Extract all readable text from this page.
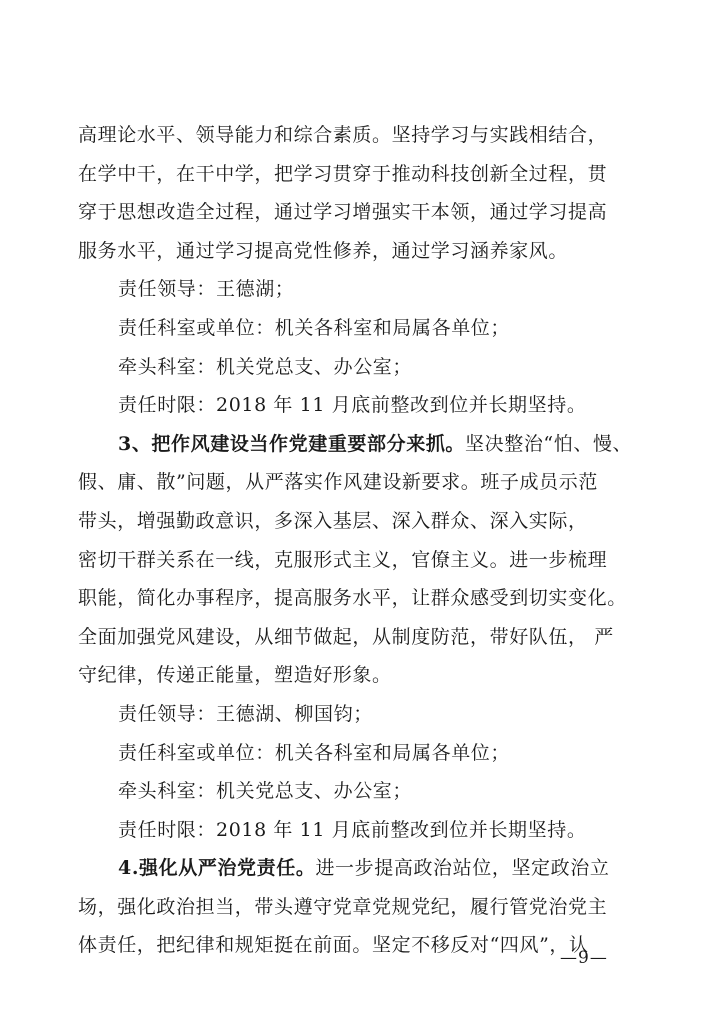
高理论水平、领导能力和综合素质。坚持学习与实践相结合，
在学中干，在干中学，把学习贯穿于推动科技创新全过程，贯
穿于思想改造全过程，通过学习增强实干本领，通过学习提高
服务水平，通过学习提高党性修养，通过学习涵养家风。
责任领导：王德湖；
责任科室或单位：机关各科室和局属各单位；
牵头科室：机关党总支、办公室；
责任时限：2018 年 11 月底前整改到位并长期坚持。
3、把作风建设当作党建重要部分来抓。坚决整治“怕、慢、
假、庸、散”问题，从严落实作风建设新要求。班子成员示范
带头，增强勤政意识，多深入基层、深入群众、深入实际，
密切干群关系在一线，克服形式主义，官僚主义。进一步梳理
职能，简化办事程序，提高服务水平，让群众感受到切实变化。
全面加强党风建设，从细节做起，从制度防范，带好队伍， 严
守纪律，传递正能量，塑造好形象。
责任领导：王德湖、柳国钧；
责任科室或单位：机关各科室和局属各单位；
牵头科室：机关党总支、办公室；
责任时限：2018 年 11 月底前整改到位并长期坚持。
4.强化从严治党责任。进一步提高政治站位，坚定政治立
场，强化政治担当，带头遵守党章党规党纪，履行管党治党主
体责任，把纪律和规矩挺在前面。坚定不移反对“四风”，认
—9—
